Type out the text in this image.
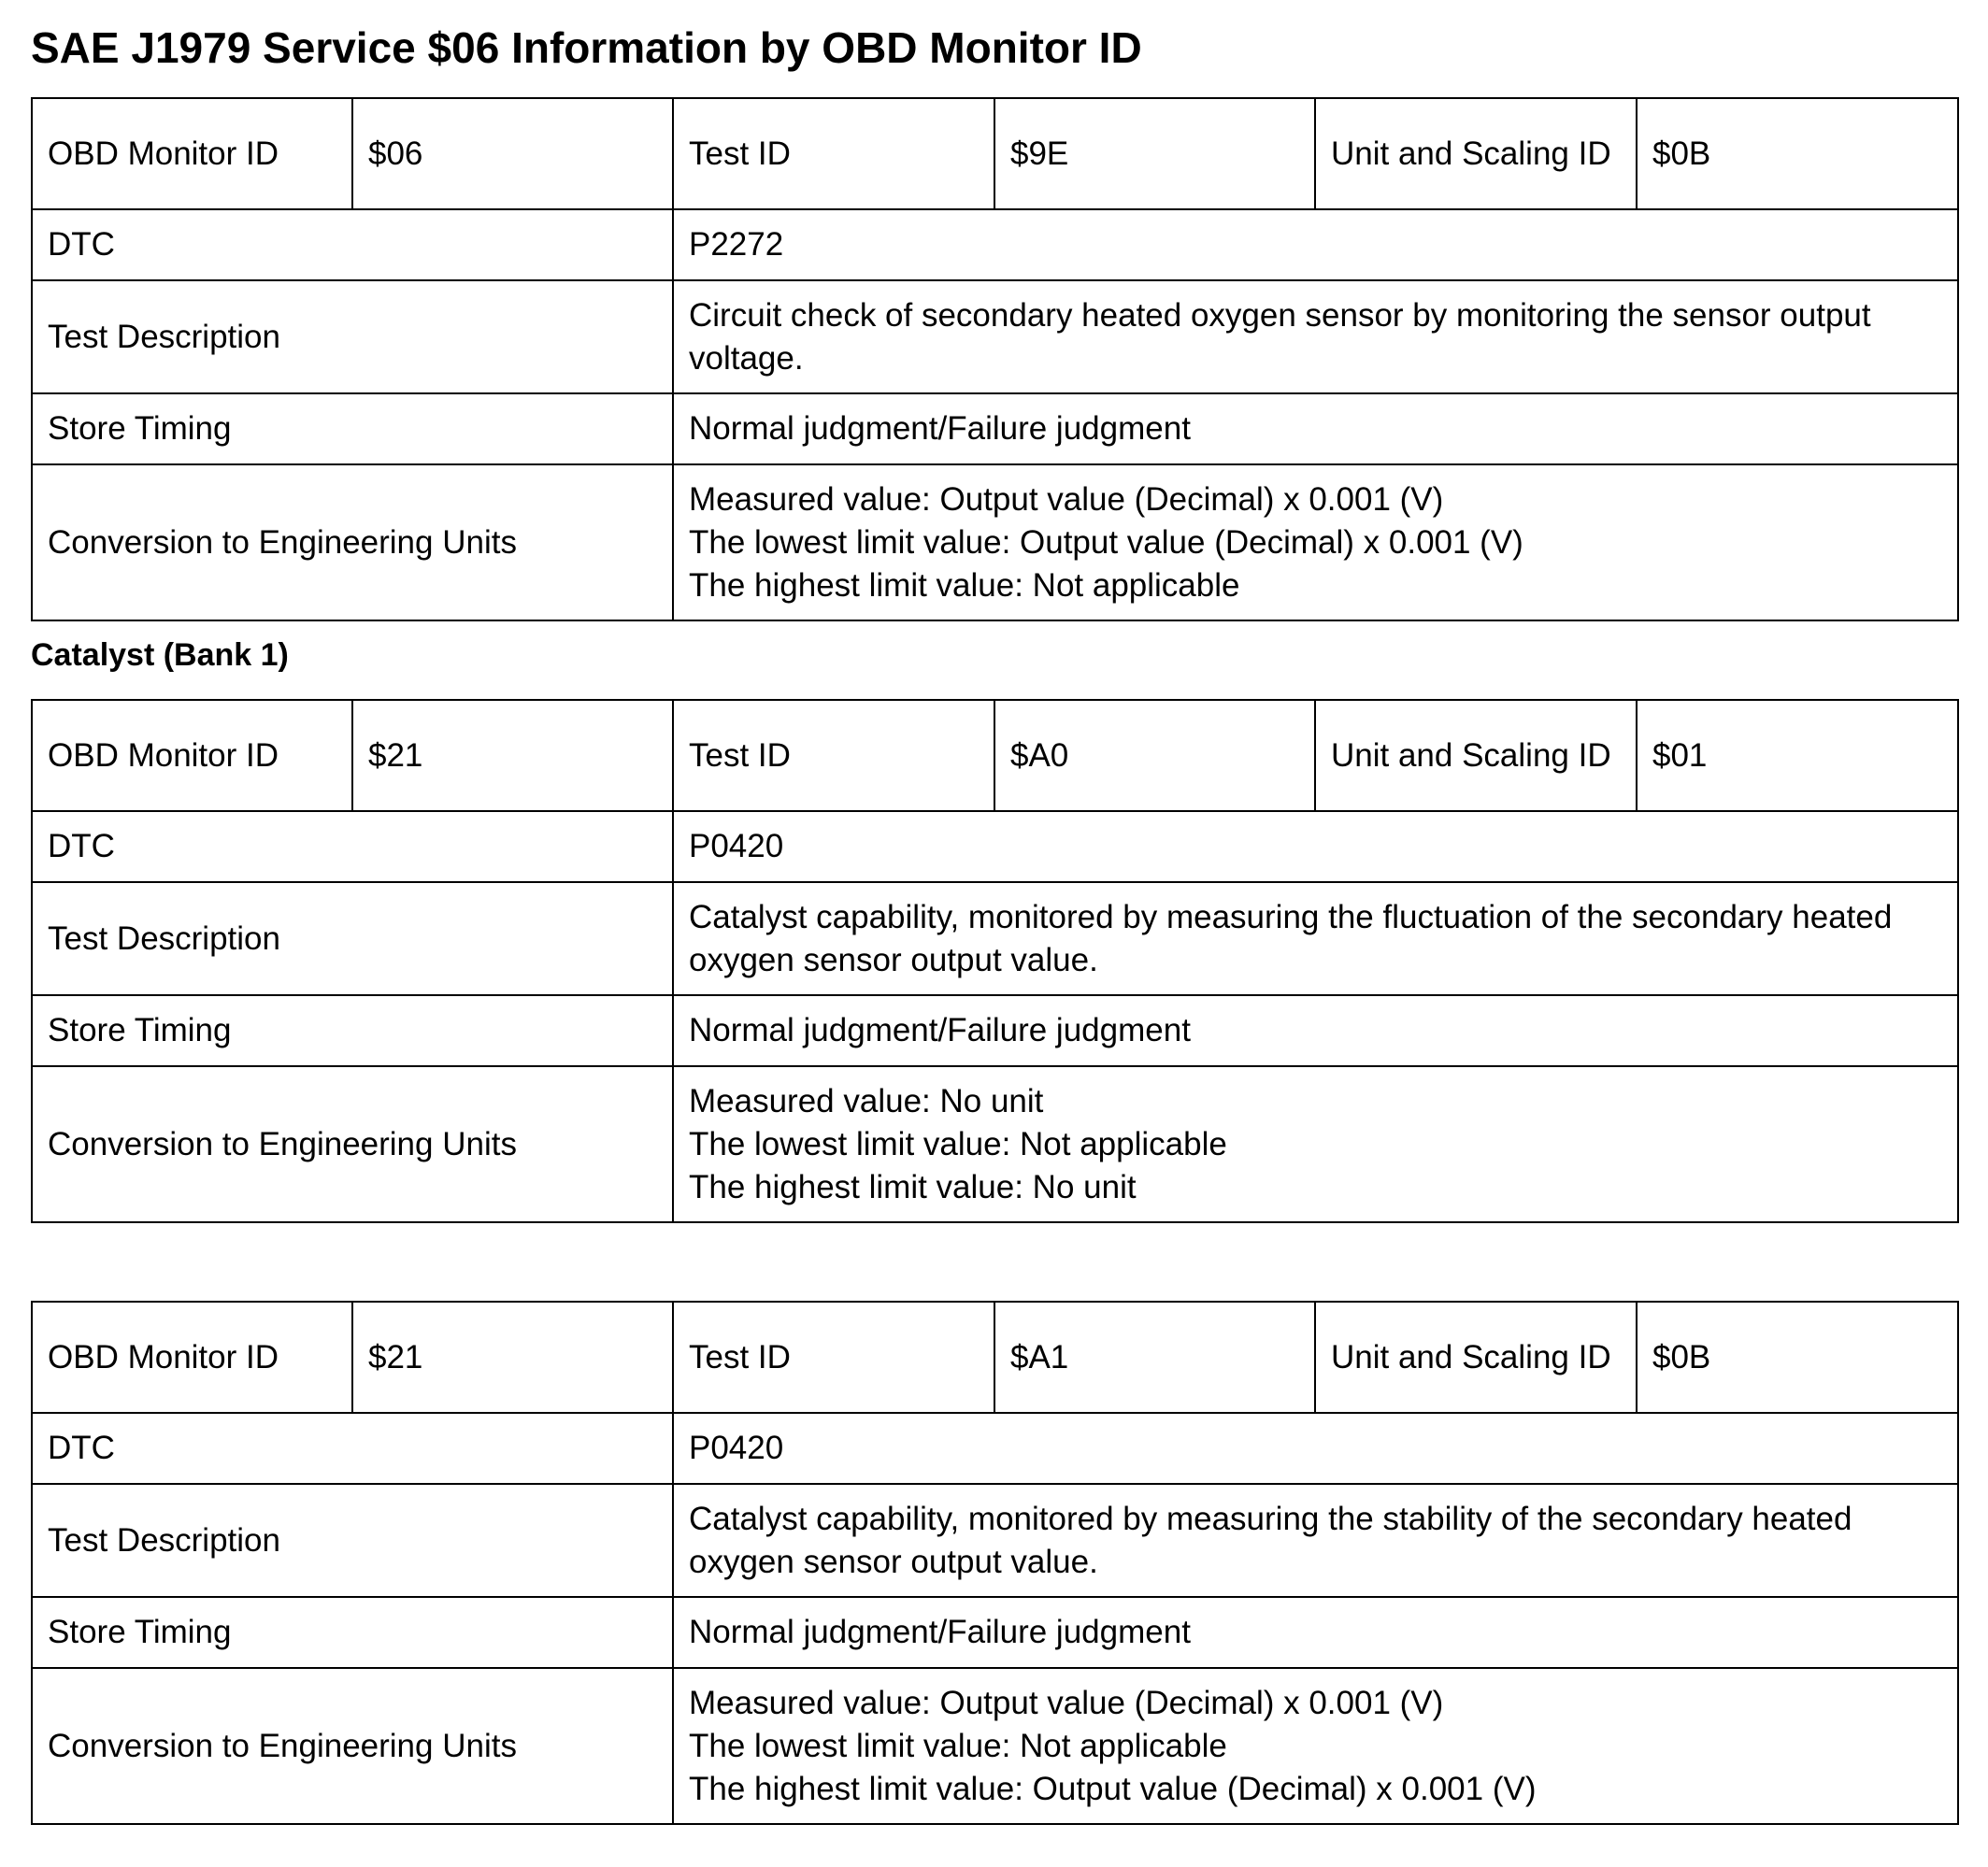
SAE J1979 Service $06 Information by OBD Monitor ID
OBD Monitor ID	$06	Test ID	$9E	Unit and Scaling ID	$0B
DTC		P2272			
Test Description		Circuit check of secondary heated oxygen sensor by monitoring the sensor output voltage.			
Store Timing		Normal judgment/Failure judgment			
Conversion to Engineering Units		Measured value: Output value (Decimal) x 0.001 (V)
The lowest limit value: Output value (Decimal) x 0.001 (V)
The highest limit value: Not applicable			
Catalyst (Bank 1)
OBD Monitor ID	$21	Test ID	$A0	Unit and Scaling ID	$01
DTC		P0420			
Test Description		Catalyst capability, monitored by measuring the fluctuation of the secondary heated oxygen sensor output value.			
Store Timing		Normal judgment/Failure judgment			
Conversion to Engineering Units		Measured value: No unit
The lowest limit value: Not applicable
The highest limit value: No unit			
OBD Monitor ID	$21	Test ID	$A1	Unit and Scaling ID	$0B
DTC		P0420			
Test Description		Catalyst capability, monitored by measuring the stability of the secondary heated oxygen sensor output value.			
Store Timing		Normal judgment/Failure judgment			
Conversion to Engineering Units		Measured value: Output value (Decimal) x 0.001 (V)
The lowest limit value: Not applicable
The highest limit value: Output value (Decimal) x 0.001 (V)			
